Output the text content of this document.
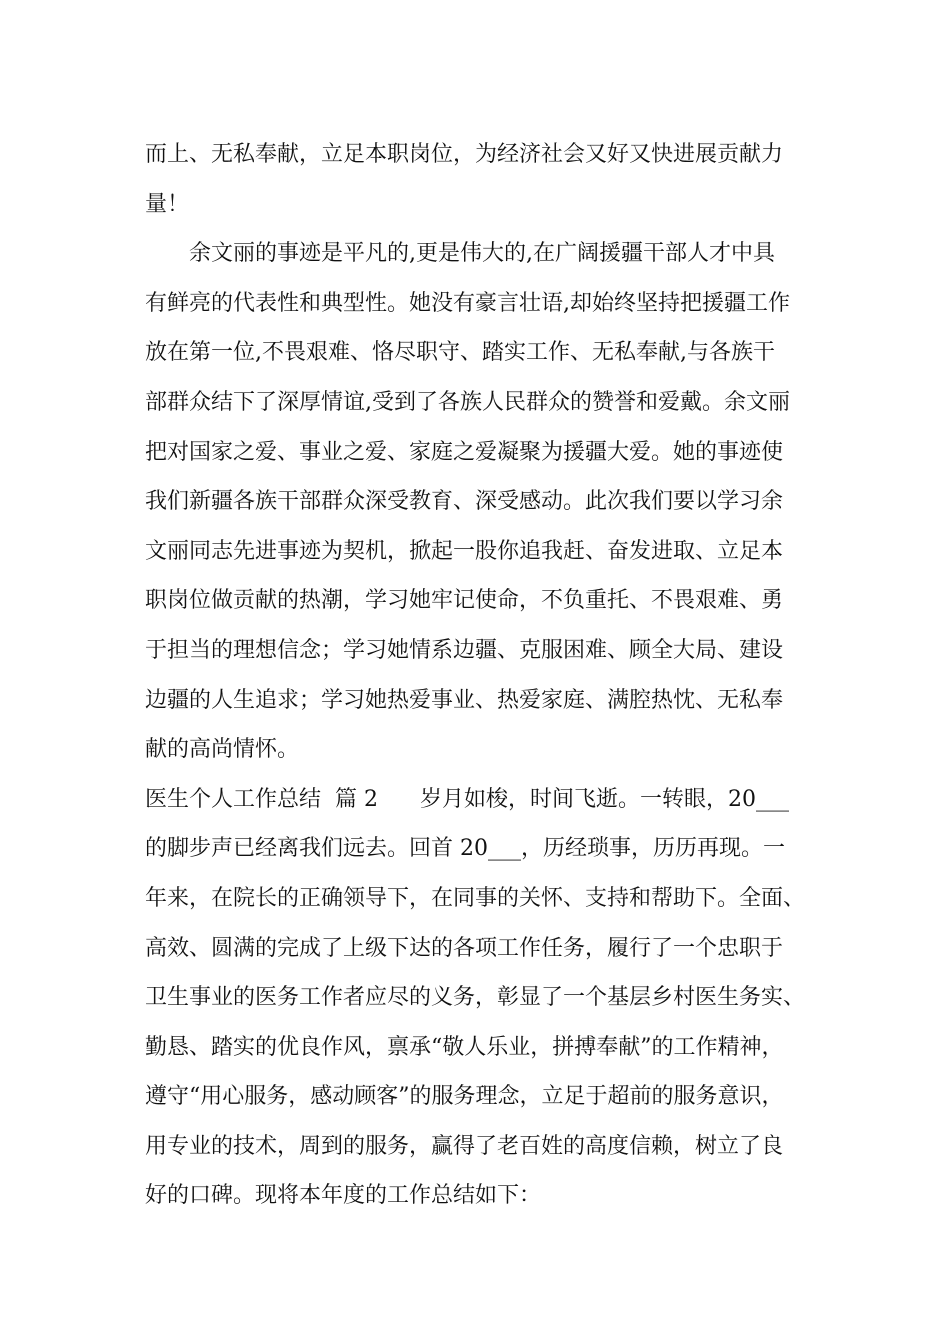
而上、无私奉献，立足本职岗位，为经济社会又好又快进展贡献力
量！
余文丽的事迹是平凡的,更是伟大的,在广阔援疆干部人才中具
有鲜亮的代表性和典型性。她没有豪言壮语,却始终坚持把援疆工作
放在第一位,不畏艰难、恪尽职守、踏实工作、无私奉献,与各族干
部群众结下了深厚情谊,受到了各族人民群众的赞誉和爱戴。余文丽
把对国家之爱、事业之爱、家庭之爱凝聚为援疆大爱。她的事迹使
我们新疆各族干部群众深受教育、深受感动。此次我们要以学习余
文丽同志先进事迹为契机，掀起一股你追我赶、奋发进取、立足本
职岗位做贡献的热潮，学习她牢记使命，不负重托、不畏艰难、勇
于担当的理想信念；学习她情系边疆、克服困难、顾全大局、建设
边疆的人生追求；学习她热爱事业、热爱家庭、满腔热忱、无私奉
献的高尚情怀。
医生个人工作总结 篇 2 岁月如梭，时间飞逝。一转眼，20___
的脚步声已经离我们远去。回首 20___，历经琐事，历历再现。一
年来，在院长的正确领导下，在同事的关怀、支持和帮助下。全面、
高效、圆满的完成了上级下达的各项工作任务，履行了一个忠职于
卫生事业的医务工作者应尽的义务，彰显了一个基层乡村医生务实、
勤恳、踏实的优良作风，禀承“敬人乐业，拼搏奉献”的工作精神，
遵守“用心服务，感动顾客”的服务理念，立足于超前的服务意识，
用专业的技术，周到的服务，赢得了老百姓的高度信赖，树立了良
好的口碑。现将本年度的工作总结如下：
